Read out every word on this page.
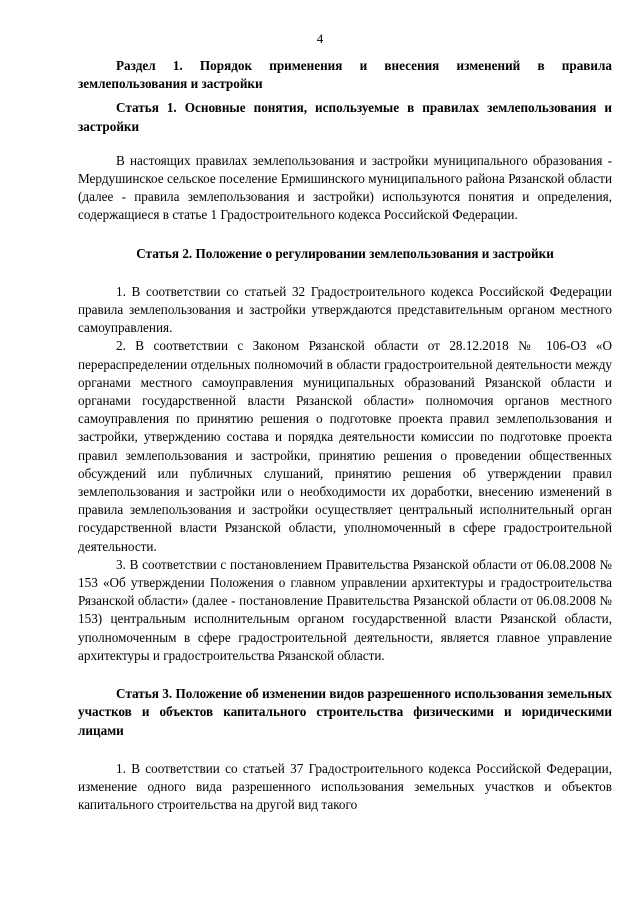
4

Раздел 1. Порядок применения и внесения изменений в правила землепользования и застройки

Статья 1. Основные понятия, используемые в правилах землепользования и застройки

В настоящих правилах землепользования и застройки муниципального образования - Мердушинское сельское поселение Ермишинского муниципального района Рязанской области (далее - правила землепользования и застройки) используются понятия и определения, содержащиеся в статье 1 Градостроительного кодекса Российской Федерации.

Статья 2. Положение о регулировании землепользования и застройки

1. В соответствии со статьей 32 Градостроительного кодекса Российской Федерации правила землепользования и застройки утверждаются представительным органом местного самоуправления.

2. В соответствии с Законом Рязанской области от 28.12.2018 № 106-ОЗ «О перераспределении отдельных полномочий в области градостроительной деятельности между органами местного самоуправления муниципальных образований Рязанской области и органами государственной власти Рязанской области» полномочия органов местного самоуправления по принятию решения о подготовке проекта правил землепользования и застройки, утверждению состава и порядка деятельности комиссии по подготовке проекта правил землепользования и застройки, принятию решения о проведении общественных обсуждений или публичных слушаний, принятию решения об утверждении правил землепользования и застройки или о необходимости их доработки, внесению изменений в правила землепользования и застройки осуществляет центральный исполнительный орган государственной власти Рязанской области, уполномоченный в сфере градостроительной деятельности.

3. В соответствии с постановлением Правительства Рязанской области от 06.08.2008 № 153 «Об утверждении Положения о главном управлении архитектуры и градостроительства Рязанской области» (далее - постановление Правительства Рязанской области от 06.08.2008 № 153) центральным исполнительным органом государственной власти Рязанской области, уполномоченным в сфере градостроительной деятельности, является главное управление архитектуры и градостроительства Рязанской области.

Статья 3. Положение об изменении видов разрешенного использования земельных участков и объектов капитального строительства физическими и юридическими лицами

1. В соответствии со статьей 37 Градостроительного кодекса Российской Федерации, изменение одного вида разрешенного использования земельных участков и объектов капитального строительства на другой вид такого
